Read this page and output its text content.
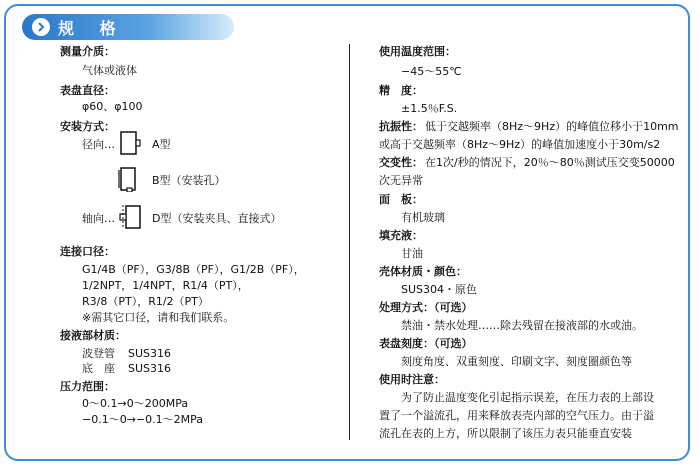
规 格
测量介质：
气体或液体
表盘直径：
φ60、φ100
安装方式：
径向…	A型
B型（安装孔）
轴向…	D型（安装夹具、直接式）
连接口径：
G1/4B（PF），G3/8B（PF），G1/2B（PF），
1/2NPT，1/4NPT，R1/4（PT），
R3/8（PT），R1/2（PT）
※需其它口径，请和我们联系。
接液部材质：
波登管 SUS316
底　座 SUS316
压力范围：
0～0.1→0～200MPa
−0.1～0→−0.1～2MPa
使用温度范围：
−45～55℃
精　度：
±1.5％F.S.
抗振性： 低于交越频率（8Hz～9Hz）的峰值位移小于10mm
或高于交越频率（8Hz～9Hz）的峰值加速度小于30m/s2
交变性： 在1次/秒的情况下，20％～80％测试压交变50000
次无异常
面　板：
有机玻璃
填充液：
甘油
壳体材质・颜色：
SUS304・原色
处理方式：（可选）
禁油・禁水处理……除去残留在接液部的水或油。
表盘刻度：（可选）
刻度角度、双重刻度、印刷文字、刻度圈颜色等
使用时注意：
为了防止温度变化引起指示误差，在压力表的上部设
置了一个溢流孔，用来释放表壳内部的空气压力。由于溢
流孔在表的上方，所以限制了该压力表只能垂直安装
